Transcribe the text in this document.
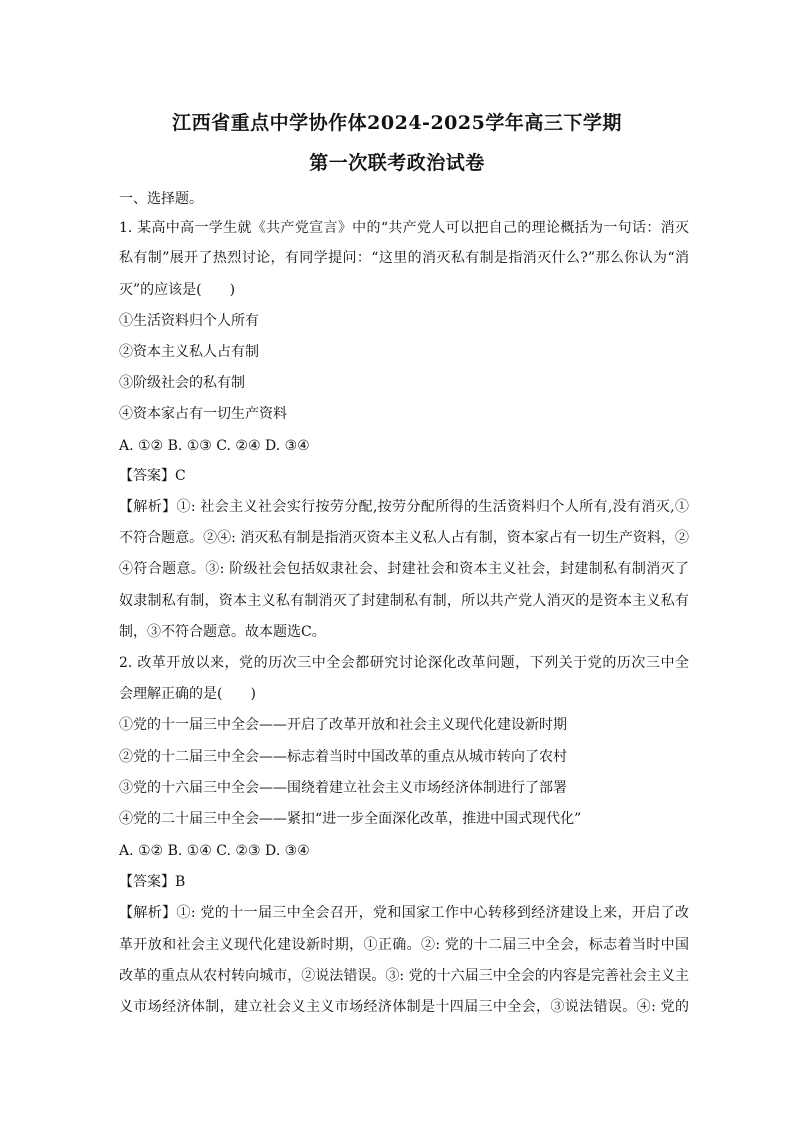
江西省重点中学协作体2024-2025学年高三下学期
第一次联考政治试卷
一、选择题。
1. 某高中高一学生就《共产党宣言》中的“共产党人可以把自己的理论概括为一句话：消灭
私有制”展开了热烈讨论，有同学提问：“这里的消灭私有制是指消灭什么?”那么你认为“消
灭”的应该是(　　)
①生活资料归个人所有
②资本主义私人占有制
③阶级社会的私有制
④资本家占有一切生产资料
A. ①② B. ①③ C. ②④ D. ③④
【答案】C
【解析】①: 社会主义社会实行按劳分配,按劳分配所得的生活资料归个人所有,没有消灭,①
不符合题意。②④: 消灭私有制是指消灭资本主义私人占有制，资本家占有一切生产资料，②
④符合题意。③: 阶级社会包括奴隶社会、封建社会和资本主义社会，封建制私有制消灭了
奴隶制私有制，资本主义私有制消灭了封建制私有制，所以共产党人消灭的是资本主义私有
制，③不符合题意。故本题选C。
2. 改革开放以来，党的历次三中全会都研究讨论深化改革问题，下列关于党的历次三中全
会理解正确的是(　　)
①党的十一届三中全会——开启了改革开放和社会主义现代化建设新时期
②党的十二届三中全会——标志着当时中国改革的重点从城市转向了农村
③党的十六届三中全会——围绕着建立社会主义市场经济体制进行了部署
④党的二十届三中全会——紧扣“进一步全面深化改革，推进中国式现代化”
A. ①② B. ①④ C. ②③ D. ③④
【答案】B
【解析】①: 党的十一届三中全会召开，党和国家工作中心转移到经济建设上来，开启了改
革开放和社会主义现代化建设新时期，①正确。②: 党的十二届三中全会，标志着当时中国
改革的重点从农村转向城市，②说法错误。③: 党的十六届三中全会的内容是完善社会主义主
义市场经济体制，建立社会义主义市场经济体制是十四届三中全会，③说法错误。④: 党的
